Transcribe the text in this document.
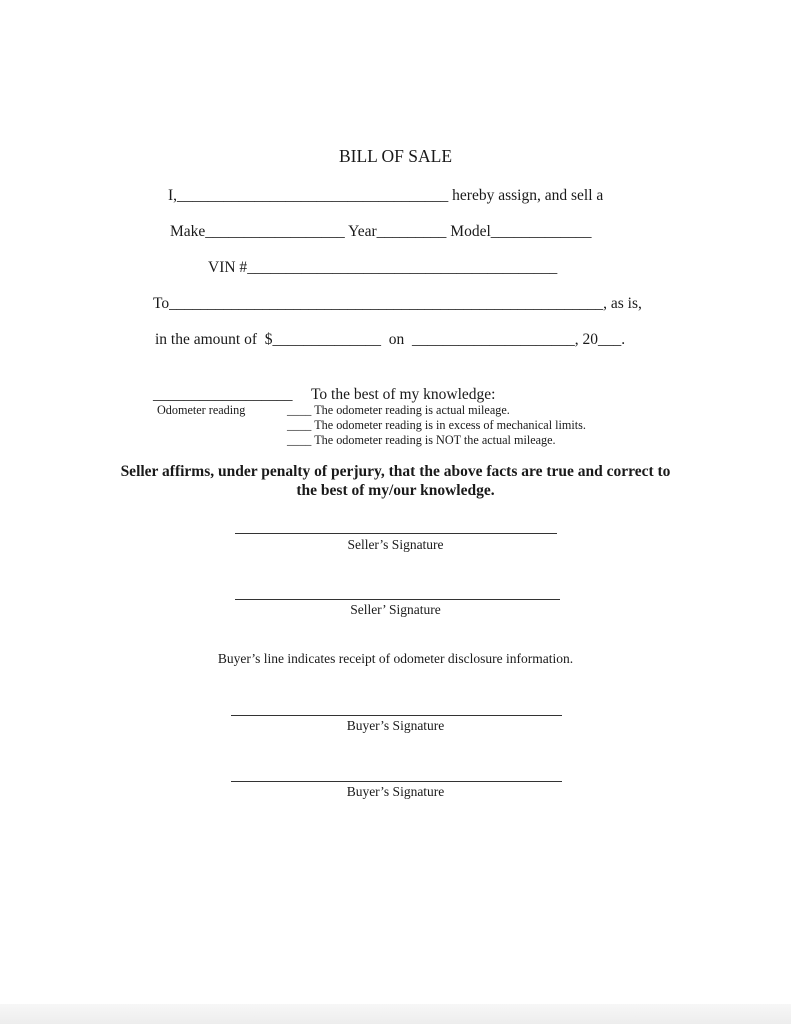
BILL OF SALE
I,___________________________________ hereby assign, and sell a
Make__________________ Year_________ Model_____________
VIN #________________________________________
To________________________________________________________, as is,
in the amount of  $______________  on  _____________________, 20___.
__________________ To the best of my knowledge:
Odometer reading	____ The odometer reading is actual mileage.
____ The odometer reading is in excess of mechanical limits.
____ The odometer reading is NOT the actual mileage.
Seller affirms, under penalty of perjury, that the above facts are true and correct to
the best of my/our knowledge.
Seller’s Signature
Seller’ Signature
Buyer’s line indicates receipt of odometer disclosure information.
Buyer’s Signature
Buyer’s Signature
